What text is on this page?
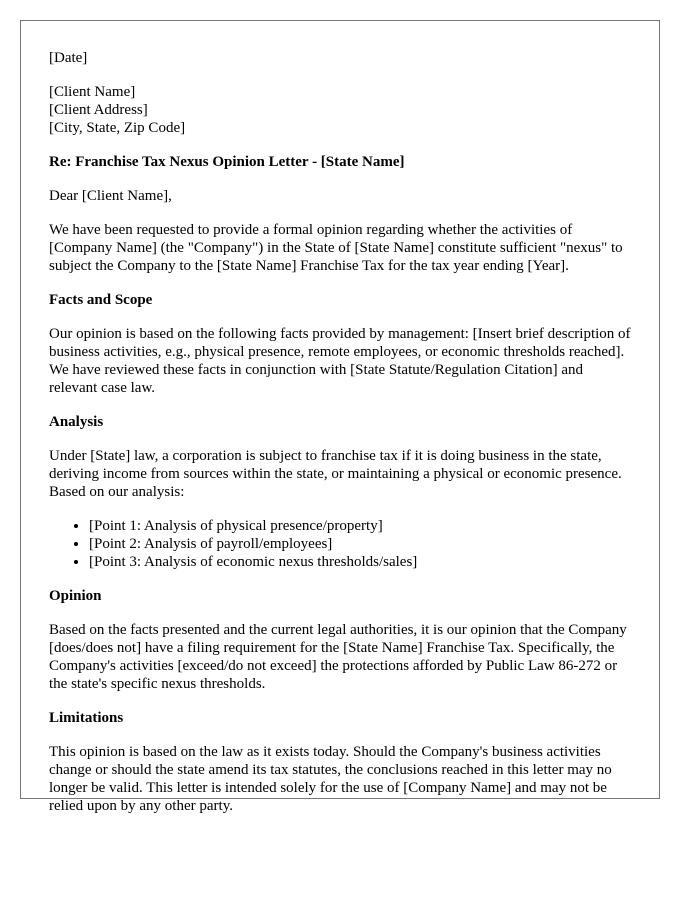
[Date]

[Client Name]

[Client Address]

[City, State, Zip Code]

Re: Franchise Tax Nexus Opinion Letter - [State Name]

Dear [Client Name],

We have been requested to provide a formal opinion regarding whether the activities of [Company Name] (the "Company") in the State of [State Name] constitute sufficient "nexus" to subject the Company to the [State Name] Franchise Tax for the tax year ending [Year].

Facts and Scope

Our opinion is based on the following facts provided by management: [Insert brief description of business activities, e.g., physical presence, remote employees, or economic thresholds reached]. We have reviewed these facts in conjunction with [State Statute/Regulation Citation] and relevant case law.

Analysis

Under [State] law, a corporation is subject to franchise tax if it is doing business in the state, deriving income from sources within the state, or maintaining a physical or economic presence. Based on our analysis:

• [Point 1: Analysis of physical presence/property]
• [Point 2: Analysis of payroll/employees]
• [Point 3: Analysis of economic nexus thresholds/sales]
Opinion

Based on the facts presented and the current legal authorities, it is our opinion that the Company [does/does not] have a filing requirement for the [State Name] Franchise Tax. Specifically, the Company's activities [exceed/do not exceed] the protections afforded by Public Law 86-272 or the state's specific nexus thresholds.

Limitations

This opinion is based on the law as it exists today. Should the Company's business activities change or should the state amend its tax statutes, the conclusions reached in this letter may no longer be valid. This letter is intended solely for the use of [Company Name] and may not be relied upon by any other party.
